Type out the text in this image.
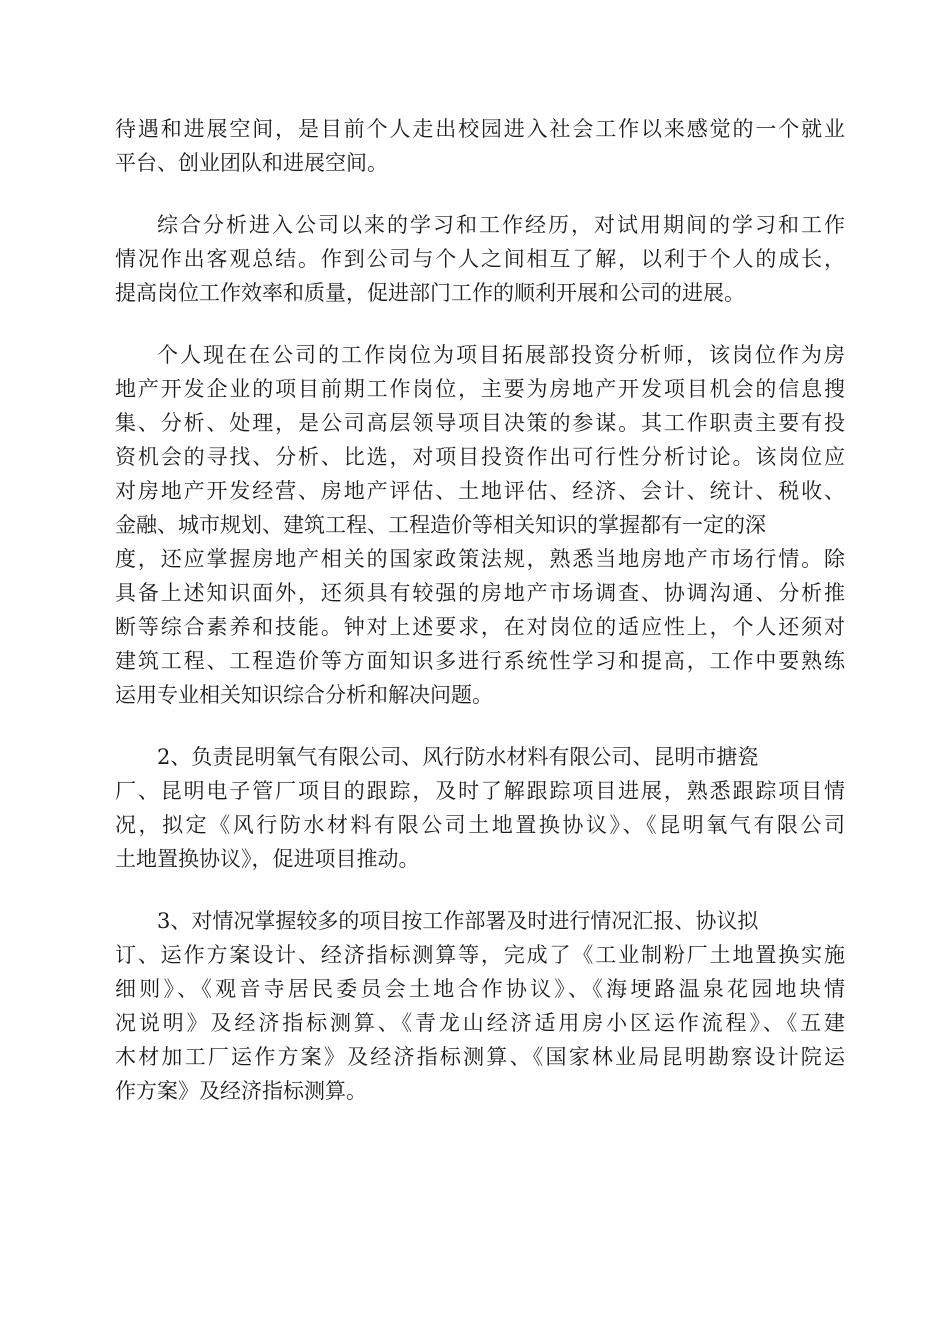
待遇和进展空间，是目前个人走出校园进入社会工作以来感觉的一个就业
平台、创业团队和进展空间。
综合分析进入公司以来的学习和工作经历，对试用期间的学习和工作
情况作出客观总结。作到公司与个人之间相互了解，以利于个人的成长，
提高岗位工作效率和质量，促进部门工作的顺利开展和公司的进展。
个人现在在公司的工作岗位为项目拓展部投资分析师，该岗位作为房
地产开发企业的项目前期工作岗位，主要为房地产开发项目机会的信息搜
集、分析、处理，是公司高层领导项目决策的参谋。其工作职责主要有投
资机会的寻找、分析、比选，对项目投资作出可行性分析讨论。该岗位应
对房地产开发经营、房地产评估、土地评估、经济、会计、统计、税收、
金融、城市规划、建筑工程、工程造价等相关知识的掌握都有一定的深
度，还应掌握房地产相关的国家政策法规，熟悉当地房地产市场行情。除
具备上述知识面外，还须具有较强的房地产市场调查、协调沟通、分析推
断等综合素养和技能。钟对上述要求，在对岗位的适应性上，个人还须对
建筑工程、工程造价等方面知识多进行系统性学习和提高，工作中要熟练
运用专业相关知识综合分析和解决问题。
2、负责昆明氧气有限公司、风行防水材料有限公司、昆明市搪瓷
厂、昆明电子管厂项目的跟踪，及时了解跟踪项目进展，熟悉跟踪项目情
况，拟定《风行防水材料有限公司土地置换协议》、《昆明氧气有限公司
土地置换协议》，促进项目推动。
3、对情况掌握较多的项目按工作部署及时进行情况汇报、协议拟
订、运作方案设计、经济指标测算等，完成了《工业制粉厂土地置换实施
细则》、《观音寺居民委员会土地合作协议》、《海埂路温泉花园地块情
况说明》及经济指标测算、《青龙山经济适用房小区运作流程》、《五建
木材加工厂运作方案》及经济指标测算、《国家林业局昆明勘察设计院运
作方案》及经济指标测算。
